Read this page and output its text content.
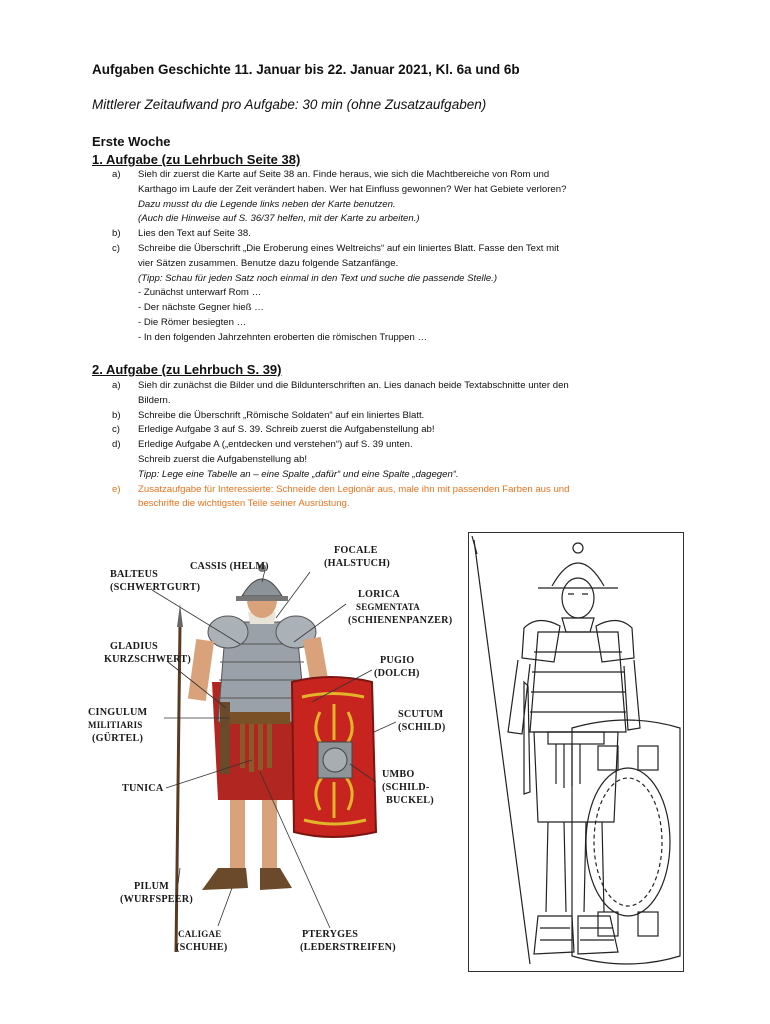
Aufgaben Geschichte 11. Januar bis 22. Januar 2021, Kl. 6a und 6b
Mittlerer Zeitaufwand pro Aufgabe: 30 min (ohne Zusatzaufgaben)
Erste Woche
1. Aufgabe (zu Lehrbuch Seite 38)
a)	Sieh dir zuerst die Karte auf Seite 38 an. Finde heraus, wie sich die Machtbereiche von Rom und
Karthago im Laufe der Zeit verändert haben. Wer hat Einfluss gewonnen? Wer hat Gebiete verloren?
Dazu musst du die Legende links neben der Karte benutzen.
(Auch die Hinweise auf S. 36/37 helfen, mit der Karte zu arbeiten.)
b)	Lies den Text auf Seite 38.
c)	Schreibe die Überschrift „Die Eroberung eines Weltreichs“ auf ein liniertes Blatt. Fasse den Text mit
vier Sätzen zusammen. Benutze dazu folgende Satzanfänge.
(Tipp: Schau für jeden Satz noch einmal in den Text und suche die passende Stelle.)
- Zunächst unterwarf Rom …
- Der nächste Gegner hieß …
- Die Römer besiegten …
- In den folgenden Jahrzehnten eroberten die römischen Truppen …
2. Aufgabe (zu Lehrbuch S. 39)
a)	Sieh dir zunächst die Bilder und die Bildunterschriften an. Lies danach beide Textabschnitte unter den
Bildern.
b)	Schreibe die Überschrift „Römische Soldaten“ auf ein liniertes Blatt.
c)	Erledige Aufgabe 3 auf S. 39. Schreib zuerst die Aufgabenstellung ab!
d)	Erledige Aufgabe A („entdecken und verstehen“) auf S. 39 unten.
Schreib zuerst die Aufgabenstellung ab!
Tipp: Lege eine Tabelle an – eine Spalte „dafür“ und eine Spalte „dagegen“.
e)	Zusatzaufgabe für Interessierte: Schneide den Legionär aus, male ihn mit passenden Farben aus und
beschrifte die wichtigsten Teile seiner Ausrüstung.
BALTEUS
(SCHWERTGURT)
CASSIS (HELM)
FOCALE
(HALSTUCH)
LORICA
SEGMENTATA
(SCHIENENPANZER)
GLADIUS
KURZSCHWERT)	PUGIO
(DOLCH)
CINGULUM
MILITIARIS
(GÜRTEL)
SCUTUM
(SCHILD)
TUNICA
UMBO
(SCHILD-
BUCKEL)
PILUM
(WURFSPEER)
CALIGAE
(SCHUHE)
PTERYGES
(LEDERSTREIFEN)
